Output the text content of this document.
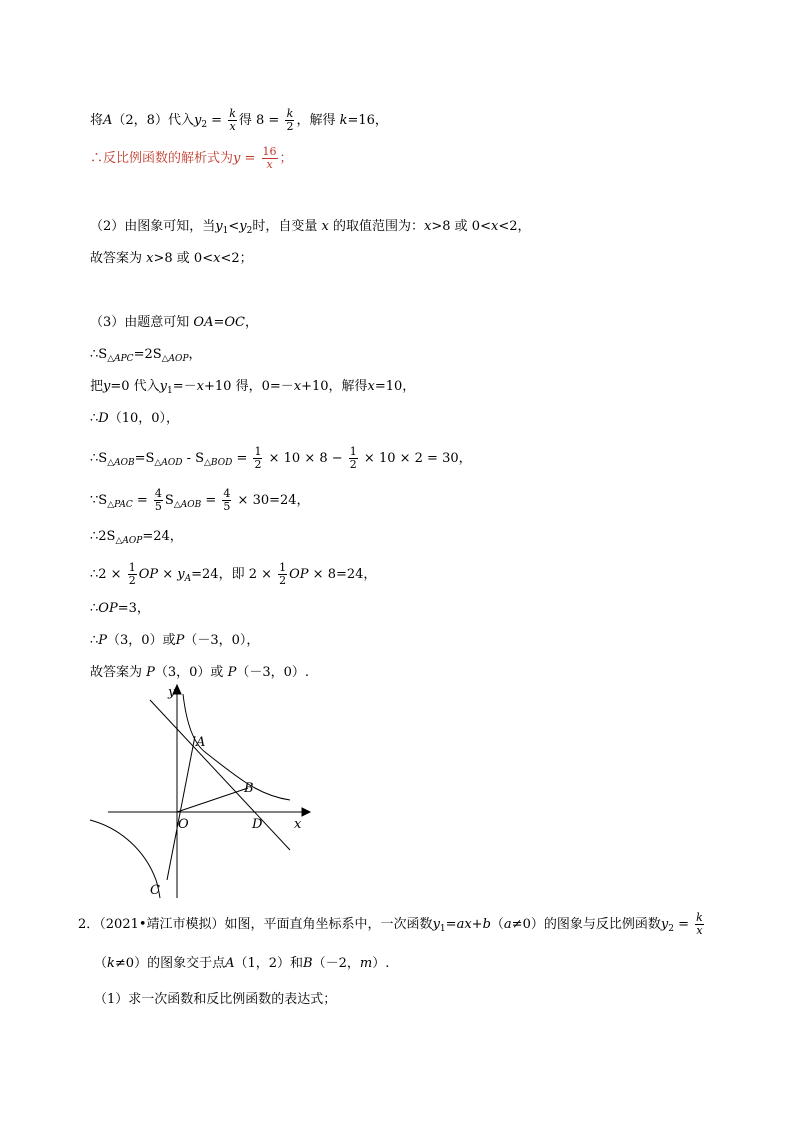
将A（2，8）代入$y_2 = \frac{k}{x}$ 得 $8 = \frac{k}{2}$ ，解得 k=16，
∴反比例函数的解析式为$y = \frac{16}{x}$ ；
（2）由图象可知，当$y_1<y_2$时，自变量 x 的取值范围为：x>8 或 0<x<2，
故答案为 x>8 或 0<x<2；
（3）由题意可知 OA=OC，
$\therefore S_{\triangle APC}=2S_{\triangle AOP}$，
把y=0 代入$y_1=-x+10$ 得，0=－x+10，解得x=10，
∴D（10，0），
$\therefore S_{\triangle AOB}=S_{\triangle AOD} - S_{\triangle BOD} = \frac{1}{2} \times 10 \times 8 - \frac{1}{2} \times 10 \times 2 = 30$，
$\because S_{\triangle PAC} = \frac{4}{5} S_{\triangle AOB} = \frac{4}{5} \times 30=24$，
$\therefore 2S_{\triangle AOP}=24$，
∴2 × $\frac{1}{2}$ OP × $y_A=24$，即 $2 \times \frac{1}{2}$ OP × 8=24，
∴OP=3，
∴P（3，0）或P（－3，0），
故答案为 P（3，0）或 P（－3，0）.
y
x
O
A
B
C
D
2．（2021•靖江市模拟）如图，平面直角坐标系中，一次函数$y_1=ax+b(a\ne 0)$的图象与反比例函数$y_2 = \frac{k}{x}$
（k≠0）的图象交于点A（1，2）和B（－2，m）.
（1）求一次函数和反比例函数的表达式；
